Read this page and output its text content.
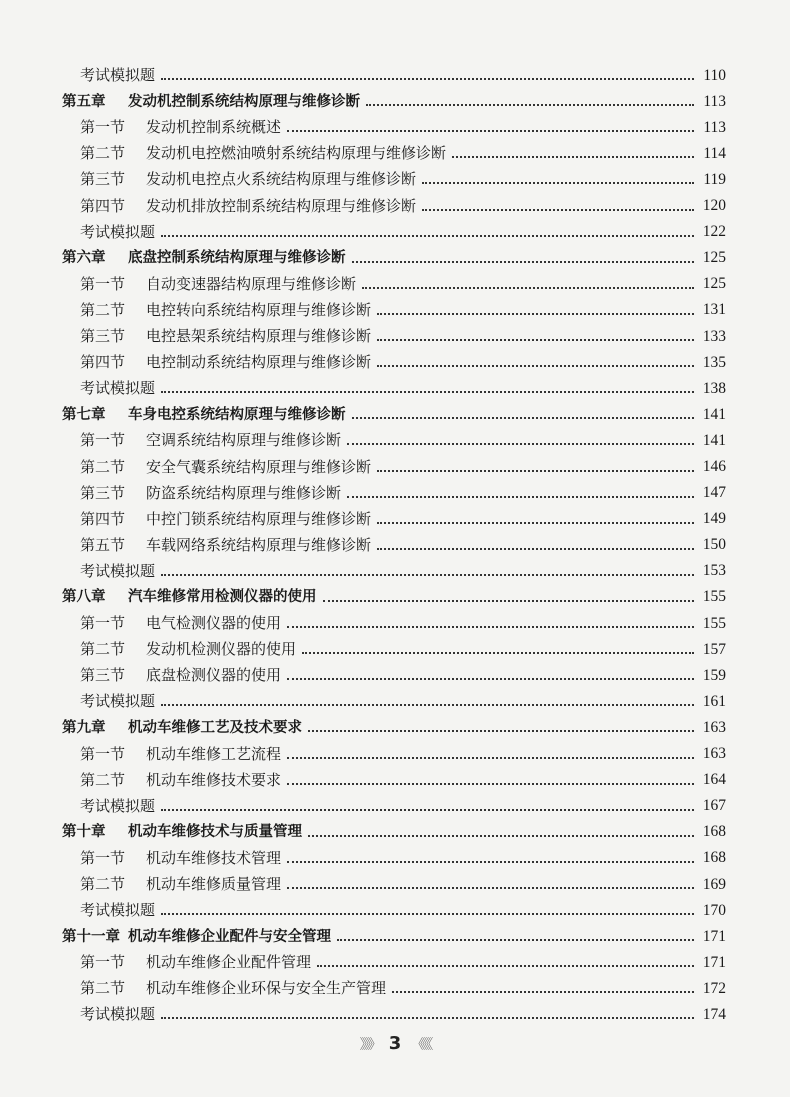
考试模拟题	110
第五章	发动机控制系统结构原理与维修诊断	113
第一节	发动机控制系统概述	113
第二节	发动机电控燃油喷射系统结构原理与维修诊断	114
第三节	发动机电控点火系统结构原理与维修诊断	119
第四节	发动机排放控制系统结构原理与维修诊断	120
考试模拟题	122
第六章	底盘控制系统结构原理与维修诊断	125
第一节	自动变速器结构原理与维修诊断	125
第二节	电控转向系统结构原理与维修诊断	131
第三节	电控悬架系统结构原理与维修诊断	133
第四节	电控制动系统结构原理与维修诊断	135
考试模拟题	138
第七章	车身电控系统结构原理与维修诊断	141
第一节	空调系统结构原理与维修诊断	141
第二节	安全气囊系统结构原理与维修诊断	146
第三节	防盗系统结构原理与维修诊断	147
第四节	中控门锁系统结构原理与维修诊断	149
第五节	车载网络系统结构原理与维修诊断	150
考试模拟题	153
第八章	汽车维修常用检测仪器的使用	155
第一节	电气检测仪器的使用	155
第二节	发动机检测仪器的使用	157
第三节	底盘检测仪器的使用	159
考试模拟题	161
第九章	机动车维修工艺及技术要求	163
第一节	机动车维修工艺流程	163
第二节	机动车维修技术要求	164
考试模拟题	167
第十章	机动车维修技术与质量管理	168
第一节	机动车维修技术管理	168
第二节	机动车维修质量管理	169
考试模拟题	170
第十一章 机动车维修企业配件与安全管理	171
第一节	机动车维修企业配件管理	171
第二节	机动车维修企业环保与安全生产管理	172
考试模拟题	174
》》》 3 《《《
